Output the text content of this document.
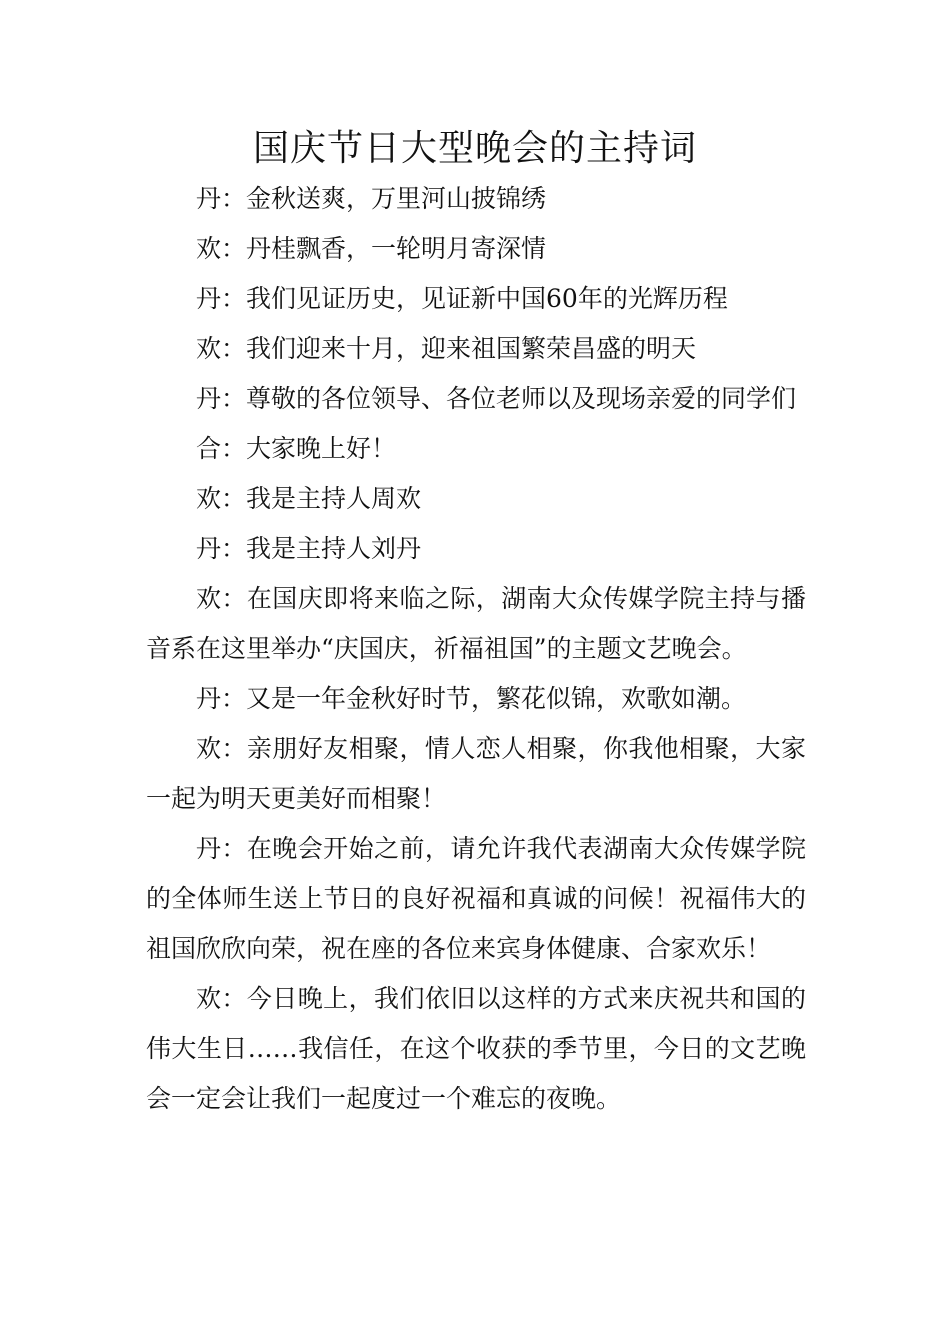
国庆节日大型晚会的主持词

丹：金秋送爽，万里河山披锦绣

欢：丹桂飘香，一轮明月寄深情

丹：我们见证历史，见证新中国60年的光辉历程

欢：我们迎来十月，迎来祖国繁荣昌盛的明天

丹：尊敬的各位领导、各位老师以及现场亲爱的同学们

合：大家晚上好！

欢：我是主持人周欢

丹：我是主持人刘丹

欢：在国庆即将来临之际，湖南大众传媒学院主持与播音系在这里举办“庆国庆，祈福祖国”的主题文艺晚会。

丹：又是一年金秋好时节，繁花似锦，欢歌如潮。

欢：亲朋好友相聚，情人恋人相聚，你我他相聚，大家一起为明天更美好而相聚！

丹：在晚会开始之前，请允许我代表湖南大众传媒学院的全体师生送上节日的良好祝福和真诚的问候！祝福伟大的祖国欣欣向荣，祝在座的各位来宾身体健康、合家欢乐！

欢：今日晚上，我们依旧以这样的方式来庆祝共和国的伟大生日……我信任，在这个收获的季节里，今日的文艺晚会一定会让我们一起度过一个难忘的夜晚。
